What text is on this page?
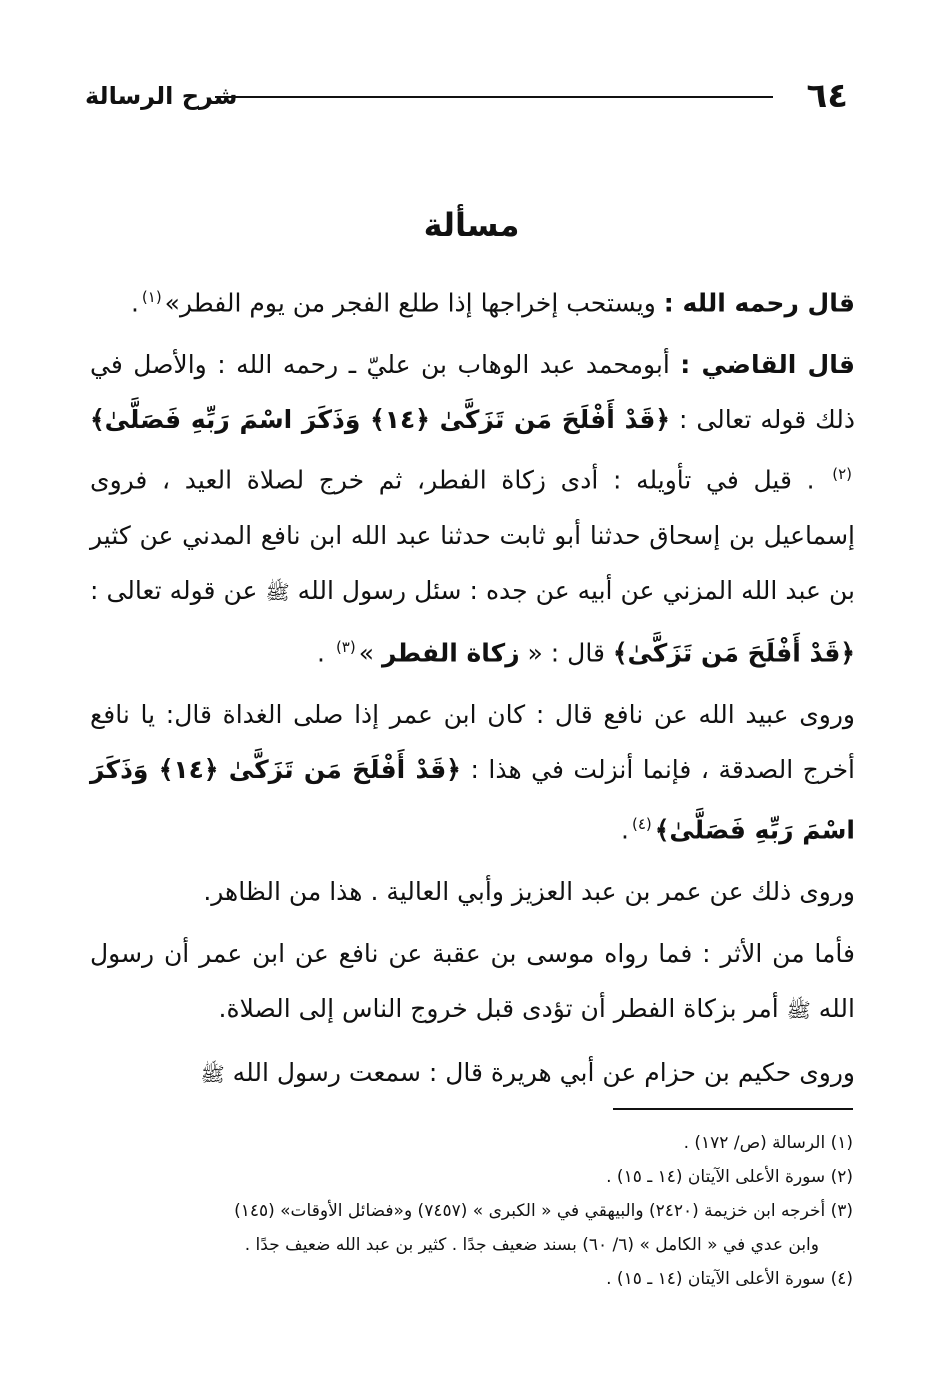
٦٤
شرح الرسالة
مسألة

قال رحمه الله : ويستحب إخراجها إذا طلع الفجر من يوم الفطر»$^{(١)}$.

قال القاضي : أبومحمد عبد الوهاب بن عليّ ـ رحمه الله : والأصل في ذلك قوله تعالى : ﴿قَدْ أَفْلَحَ مَن تَزَكَّىٰ ﴿١٤﴾ وَذَكَرَ اسْمَ رَبِّهِ فَصَلَّىٰ﴾$^{(٢)}$ . قيل في تأويله : أدى زكاة الفطر، ثم خرج لصلاة العيد ، فروى إسماعيل بن إسحاق حدثنا أبو ثابت حدثنا عبد الله ابن نافع المدني عن كثير بن عبد الله المزني عن أبيه عن جده : سئل رسول الله ﷺ عن قوله تعالى : ﴿قَدْ أَفْلَحَ مَن تَزَكَّىٰ﴾ قال : « زكاة الفطر »$^{(٣)}$ .

وروى عبيد الله عن نافع قال : كان ابن عمر إذا صلى الغداة قال: يا نافع أخرج الصدقة ، فإنما أنزلت في هذا : ﴿قَدْ أَفْلَحَ مَن تَزَكَّىٰ ﴿١٤﴾ وَذَكَرَ اسْمَ رَبِّهِ فَصَلَّىٰ﴾$^{(٤)}$.

وروى ذلك عن عمر بن عبد العزيز وأبي العالية . هذا من الظاهر.

فأما من الأثر : فما رواه موسى بن عقبة عن نافع عن ابن عمر أن رسول الله ﷺ أمر بزكاة الفطر أن تؤدى قبل خروج الناس إلى الصلاة.

وروى حكيم بن حزام عن أبي هريرة قال : سمعت رسول الله ﷺ

(١) الرسالة (ص/ ١٧٢) .

(٢) سورة الأعلى الآيتان (١٤ ـ ١٥) .

(٣) أخرجه ابن خزيمة (٢٤٢٠) والبيهقي في « الكبرى » (٧٤٥٧) و«فضائل الأوقات» (١٤٥)

وابن عدي في « الكامل » (٦/ ٦٠) بسند ضعيف جدًا . كثير بن عبد الله ضعيف جدًا .

(٤) سورة الأعلى الآيتان (١٤ ـ ١٥) .
